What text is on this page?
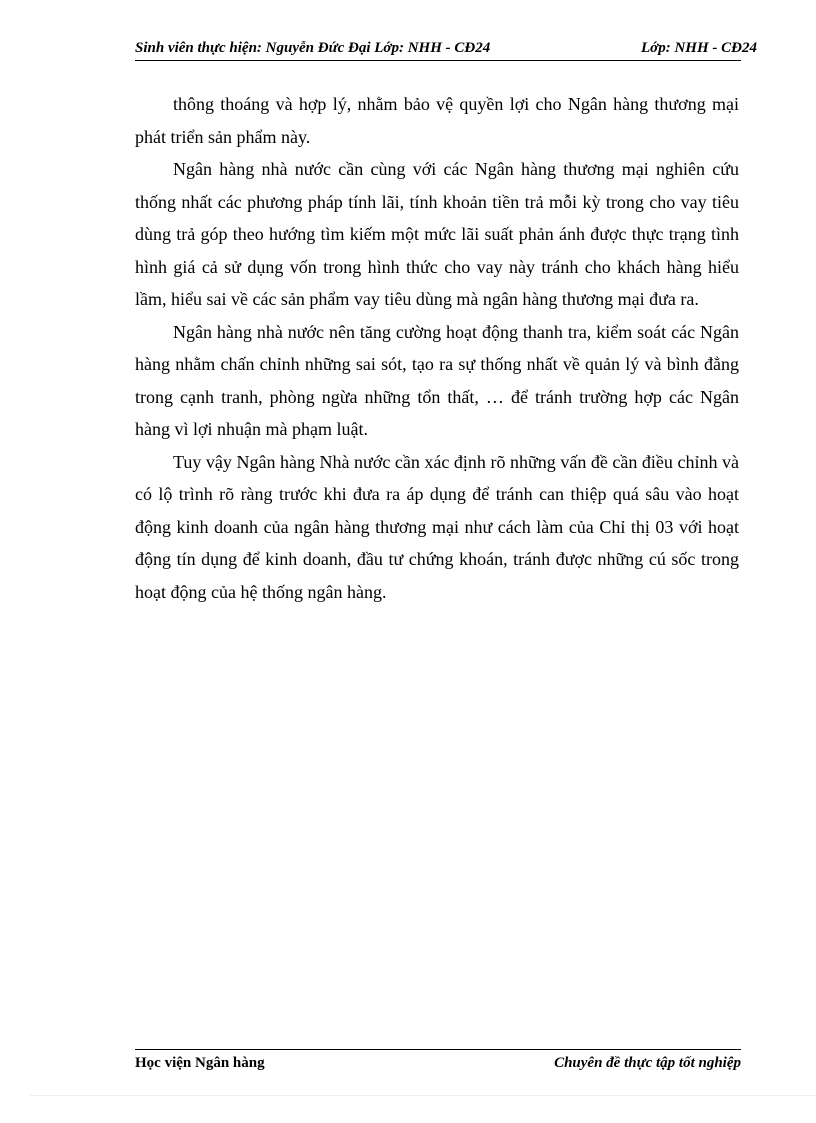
Sinh viên thực hiện: Nguyễn Đức Đại Lớp: NHH - CĐ24	Lớp: NHH - CĐ24

thông thoáng và hợp lý, nhằm bảo vệ quyền lợi cho Ngân hàng thương mại phát triển sản phẩm này.

Ngân hàng nhà nước cần cùng với các Ngân hàng thương mại nghiên cứu thống nhất các phương pháp tính lãi, tính khoản tiền trả mỗi kỳ trong cho vay tiêu dùng trả góp theo hướng tìm kiếm một mức lãi suất phản ánh được thực trạng tình hình giá cả sử dụng vốn trong hình thức cho vay này tránh cho khách hàng hiểu lầm, hiểu sai về các sản phẩm vay tiêu dùng mà ngân hàng thương mại đưa ra.

Ngân hàng nhà nước nên tăng cường hoạt động thanh tra, kiểm soát các Ngân hàng nhằm chấn chỉnh những sai sót, tạo ra sự thống nhất về quản lý và bình đẳng trong cạnh tranh, phòng ngừa những tổn thất, … để tránh trường hợp các Ngân hàng vì lợi nhuận mà phạm luật.

Tuy vậy Ngân hàng Nhà nước cần xác định rõ những vấn đề cần điều chỉnh và có lộ trình rõ ràng trước khi đưa ra áp dụng để tránh can thiệp quá sâu vào hoạt động kinh doanh của ngân hàng thương mại như cách làm của Chỉ thị 03 với hoạt động tín dụng để kinh doanh, đầu tư chứng khoán, tránh được những cú sốc trong hoạt động của hệ thống ngân hàng.

Học viện Ngân hàng	Chuyên đề thực tập tốt nghiệp
